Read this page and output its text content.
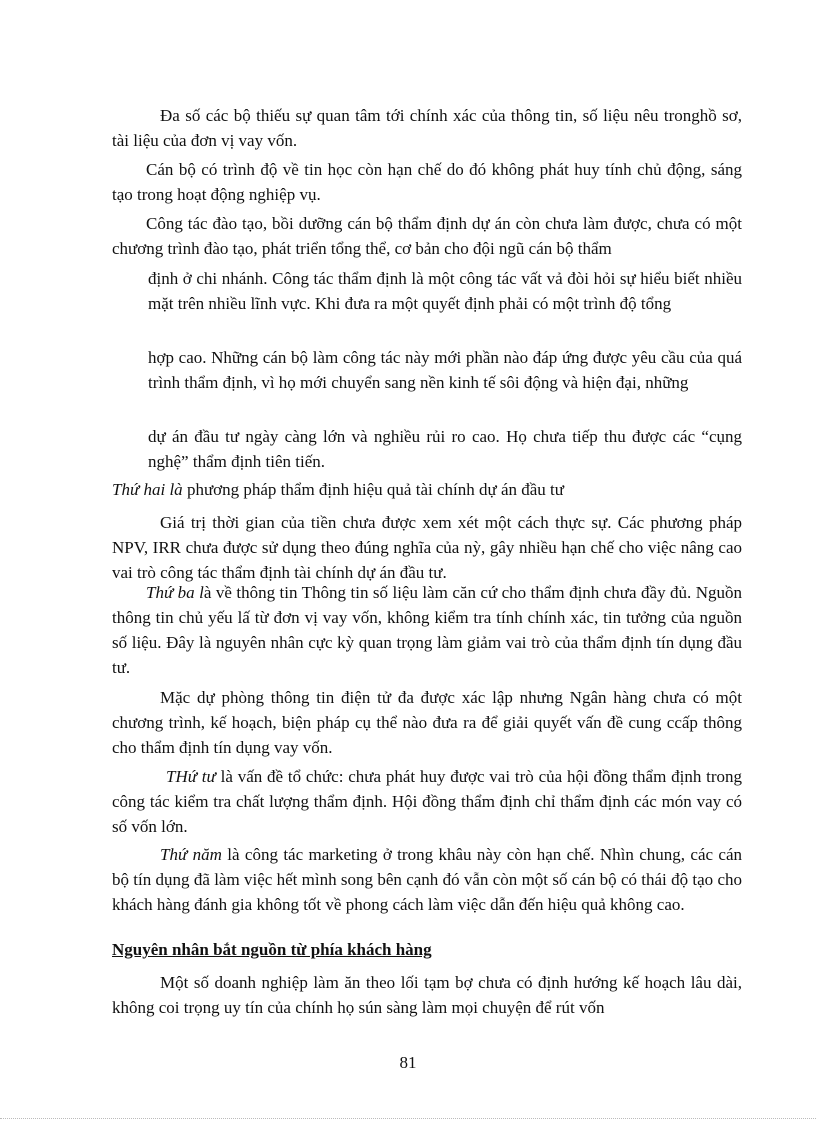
Đa số các bộ thiếu sự quan tâm tới chính xác của thông tin, số liệu nêu tronghồ sơ, tài liệu của đơn vị vay vốn.

Cán bộ có trình độ về tin học còn hạn chế do đó không phát huy tính chủ động, sáng tạo trong hoạt động nghiệp vụ.

Công tác đào tạo, bồi dưỡng cán bộ thẩm định dự án còn chưa làm được, chưa có một chương trình đào tạo, phát triển tổng thể, cơ bản cho đội ngũ cán bộ thẩm

định ở chi nhánh. Công tác thẩm định là một công tác vất vả đòi hỏi sự hiểu biết nhiều mặt trên nhiều lĩnh vực. Khi đưa ra một quyết định phải có một trình độ tổng

hợp cao. Những cán bộ làm công tác này mới phần nào đáp ứng được yêu cầu của quá trình thẩm định, vì họ mới chuyển sang nền kinh tế sôi động và hiện đại, những

dự án đầu tư ngày càng lớn và nghiều rủi ro cao. Họ chưa tiếp thu được các “cụng nghệ” thẩm định tiên tiến.

Thứ hai là phương pháp thẩm định hiệu quả tài chính dự án đầu tư

Giá trị thời gian của tiền chưa được xem xét một cách thực sự. Các phương pháp NPV, IRR chưa được sử dụng theo đúng nghĩa của nỳ, gây nhiều hạn chế cho việc nâng cao vai trò công tác thẩm định tài chính dự án đầu tư.

Thứ ba là về thông tin Thông tin số liệu làm căn cứ cho thẩm định chưa đầy đủ. Nguồn thông tin chủ yếu lấ từ đơn vị vay vốn, không kiểm tra tính chính xác, tin tưởng của nguồn số liệu. Đây là nguyên nhân cực kỳ quan trọng làm giảm vai trò của thẩm định tín dụng đầu tư.

Mặc dự phòng thông tin điện tử đa được xác lập nhưng Ngân hàng chưa có một chương trình, kế hoạch, biện pháp cụ thể nào đưa ra để giải quyết vấn đề cung ccấp thông cho thẩm định tín dụng vay vốn.

THứ tư là vấn đề tổ chức: chưa phát huy được vai trò của hội đồng thẩm định trong công tác kiểm tra chất lượng thẩm định. Hội đồng thẩm định chỉ thẩm định các món vay có số vốn lớn.

Thứ năm là công tác marketing ở trong khâu này còn hạn chế. Nhìn chung, các cán bộ tín dụng đã làm việc hết mình song bên cạnh đó vẫn còn một số cán bộ có thái độ tạo cho khách hàng đánh gia không tốt về phong cách làm việc dẫn đến hiệu quả không cao.

Nguyên nhân bắt nguồn từ phía khách hàng

Một số doanh nghiệp làm ăn theo lối tạm bợ chưa có định hướng kế hoạch lâu dài, không coi trọng uy tín của chính họ sún sàng làm mọi chuyện để rút vốn

81
